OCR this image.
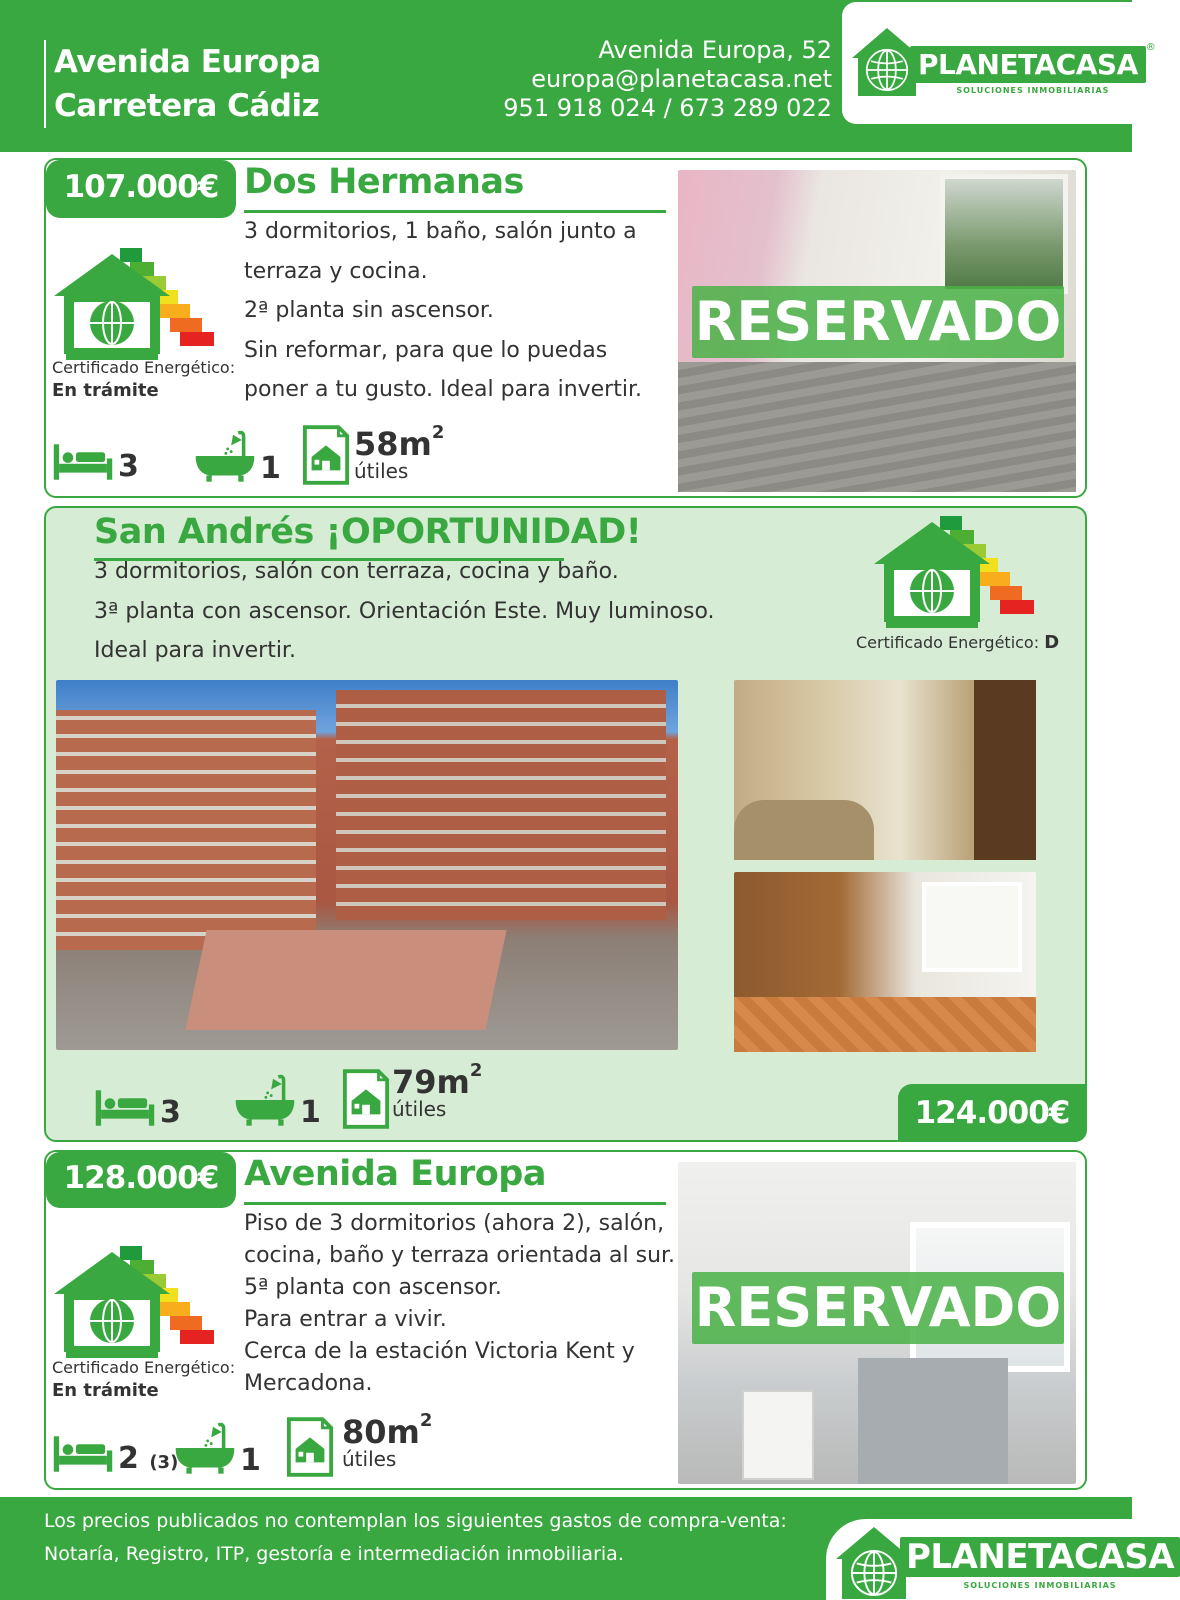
Avenida Europa
Carretera Cádiz
Avenida Europa, 52
europa@planetacasa.net
951 918 024 / 673 289 022
PLANETACASA
®
SOLUCIONES INMOBILIARIAS
107.000€ Dos Hermanas
3 dormitorios, 1 baño, salón junto a
terraza y cocina.
2ª planta sin ascensor.
Sin reformar, para que lo puedas
poner a tu gusto. Ideal para invertir.
Certificado Energético:
En trámite
3	1
$58m^2$
útiles
RESERVADO
San Andrés ¡OPORTUNIDAD!
3 dormitorios, salón con terraza, cocina y baño.
3ª planta con ascensor. Orientación Este. Muy luminoso.
Ideal para invertir.	Certificado Energético: D
3	1
$79m^2$
útiles	124.000€
128.000€ Avenida Europa
Piso de 3 dormitorios (ahora 2), salón,
cocina, baño y terraza orientada al sur.
5ª planta con ascensor.
Para entrar a vivir.
Cerca de la estación Victoria Kent y
Mercadona.
Certificado Energético:
En trámite
2 (3) 1
$80m^2$
útiles
RESERVADO
Los precios publicados no contemplan los siguientes gastos de compra-venta:
Notaría, Registro, ITP, gestoría e intermediación inmobiliaria.	PLANETACASA
SOLUCIONES INMOBILIARIAS
